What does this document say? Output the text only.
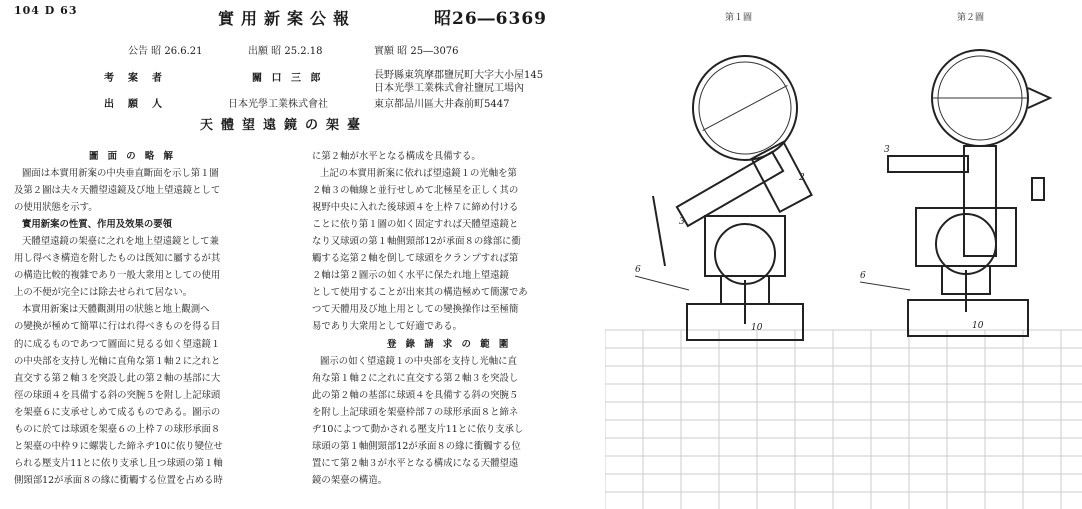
104 D 63	實用新案公報	昭26―6369
公告 昭 26.6.21	出願 昭 25.2.18	實願 昭 25―3076
考案者	關 口 三 郎	長野縣東筑摩郡鹽尻町大字大小屋145
日本光學工業株式會社鹽尻工場內
出願人	日本光學工業株式會社	東京都品川區大井森前町5447
天體望遠鏡の架臺

圖 面 の 略 解

圖面は本實用新案の中央垂直斷面を示し第１圖

及第２圖は夫々天體望遠鏡及び地上望遠鏡として

の使用狀態を示す。

實用新案の性質、作用及效果の要領

天體望遠鏡の架臺に之れを地上望遠鏡として兼

用し得べき構造を附したものは旣知に屬するが其

の構造比較的複雜であり一般大衆用としての使用

上の不便が完全には除去せられて居ない。

本實用新案は天體觀測用の狀態と地上觀測へ

の變換が極めて簡單に行はれ得べきものを得る目

的に成るものであつて圖面に見るる如く望遠鏡１

の中央部を支持し光軸に直角な第１軸２に之れと

直交する第２軸３を突設し此の第２軸の基部に大

徑の球頭４を具備する斜の突腕５を附し上記球頭

を架臺６に支承せしめて成るものである。圖示の

ものに於ては球頭を架臺６の上枠７の球形承面８

と架臺の中枠９に螺裝した締ネヂ10に依り變位せ

られる壓支片11とに依り支承し且つ球頭の第１軸

側頸部12が承面８の緣に衝觸する位置を占める時

に第２軸が水平となる構成を具備する。

上記の本實用新案に依れば望遠鏡１の光軸を第

２軸３の軸線と並行せしめて北極星を正しく其の

視野中央に入れた後球頭４を上枠７に締め付ける

ことに依り第１圖の如く固定すれば天體望遠鏡と

なり又球頭の第１軸側頸部12が承面８の緣部に衝

觸する迄第２軸を倒して球頭をクランプすれば第

２軸は第２圖示の如く水平に保たれ地上望遠鏡

として使用することが出來其の構造極めて簡潔であ

つて天體用及び地上用としての變換操作は至極簡

易であり大衆用として好適である。

登 錄 請 求 の 範 圍

圖示の如く望遠鏡１の中央部を支持し光軸に直

角な第１軸２に之れに直交する第２軸３を突設し

此の第２軸の基部に球頭４を具備する斜の突腕５

を附し上記球頭を架臺枠部７の球形承面８と締ネ

ヂ10によつて動かされる壓支片11とに依り支承し

球頭の第１軸側頸部12が承面８の緣に衝觸する位

置にて第２軸３が水平となる構成になる天體望遠

鏡の架臺の構造。

第１圖	第２圖
2
3
6
10
3
6
10
